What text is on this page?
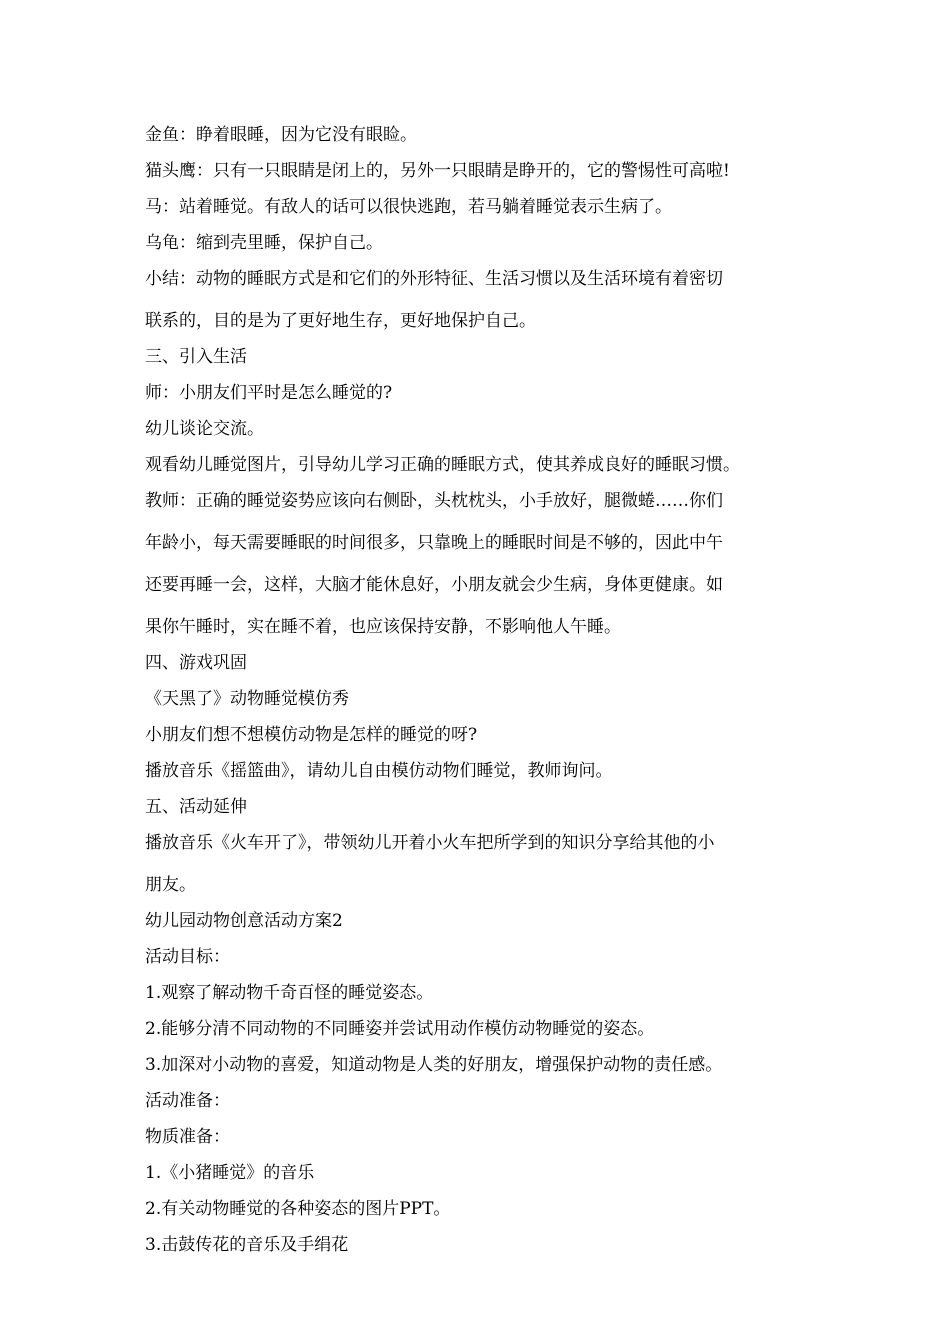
金鱼：睁着眼睡，因为它没有眼睑。

猫头鹰：只有一只眼睛是闭上的，另外一只眼睛是睁开的，它的警惕性可高啦!

马：站着睡觉。有敌人的话可以很快逃跑，若马躺着睡觉表示生病了。

乌龟：缩到壳里睡，保护自己。

小结：动物的睡眠方式是和它们的外形特征、生活习惯以及生活环境有着密切

联系的，目的是为了更好地生存，更好地保护自己。

三、引入生活

师：小朋友们平时是怎么睡觉的?

幼儿谈论交流。

观看幼儿睡觉图片，引导幼儿学习正确的睡眠方式，使其养成良好的睡眠习惯。

教师：正确的睡觉姿势应该向右侧卧，头枕枕头，小手放好，腿微蜷……你们

年龄小，每天需要睡眠的时间很多，只靠晚上的睡眠时间是不够的，因此中午

还要再睡一会，这样，大脑才能休息好，小朋友就会少生病，身体更健康。如

果你午睡时，实在睡不着，也应该保持安静，不影响他人午睡。

四、游戏巩固

《天黑了》动物睡觉模仿秀

小朋友们想不想模仿动物是怎样的睡觉的呀?

播放音乐《摇篮曲》，请幼儿自由模仿动物们睡觉，教师询问。

五、活动延伸

播放音乐《火车开了》，带领幼儿开着小火车把所学到的知识分享给其他的小

朋友。

幼儿园动物创意活动方案2

活动目标：

1.观察了解动物千奇百怪的睡觉姿态。

2.能够分清不同动物的不同睡姿并尝试用动作模仿动物睡觉的姿态。

3.加深对小动物的喜爱，知道动物是人类的好朋友，增强保护动物的责任感。

活动准备：

物质准备：

1.《小猪睡觉》的音乐

2.有关动物睡觉的各种姿态的图片PPT。

3.击鼓传花的音乐及手绢花
